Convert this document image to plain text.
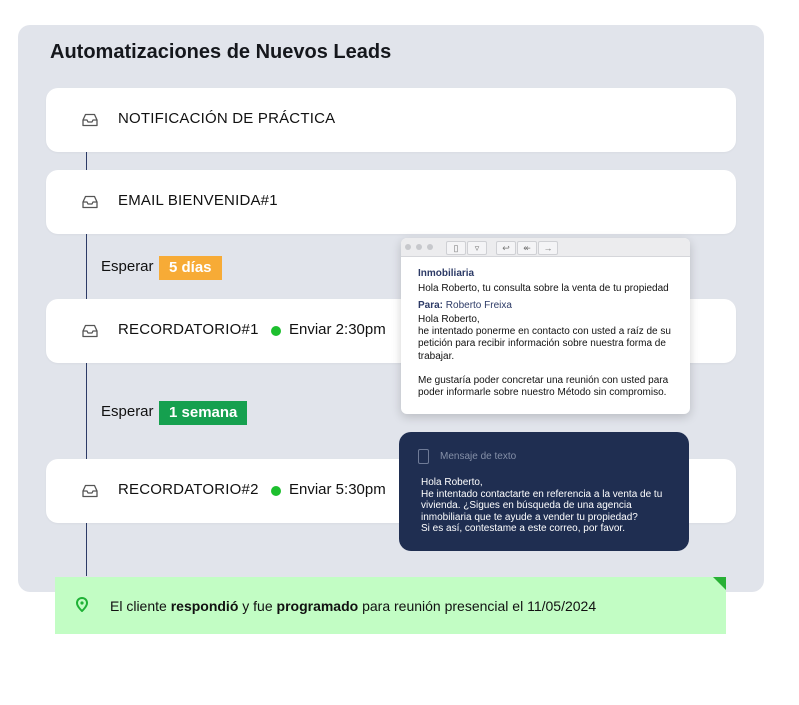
Automatizaciones de Nuevos Leads
NOTIFICACIÓN DE PRÁCTICA
EMAIL BIENVENIDA#1
Esperar	5 días
RECORDATORIO#1 Enviar 2:30pm
Esperar	1 semana
RECORDATORIO#2 Enviar 5:30pm
▯	▿	↩	↞	→
Inmobiliaria
Hola Roberto, tu consulta sobre la venta de tu propiedad
Para: Roberto Freixa

Hola Roberto,
he intentado ponerme en contacto con usted a raíz de su petición para recibir información sobre nuestra forma de trabajar.

Me gustaría poder concretar una reunión con usted para poder informarle sobre nuestro Método sin compromiso.

Mensaje de texto

Hola Roberto,
He intentado contactarte en referencia a la venta de tu vivienda. ¿Sigues en búsqueda de una agencia inmobiliaria que te ayude a vender tu propiedad?
Si es así, contestame a este correo, por favor.

El cliente respondió y fue programado para reunión presencial el 11/05/2024
